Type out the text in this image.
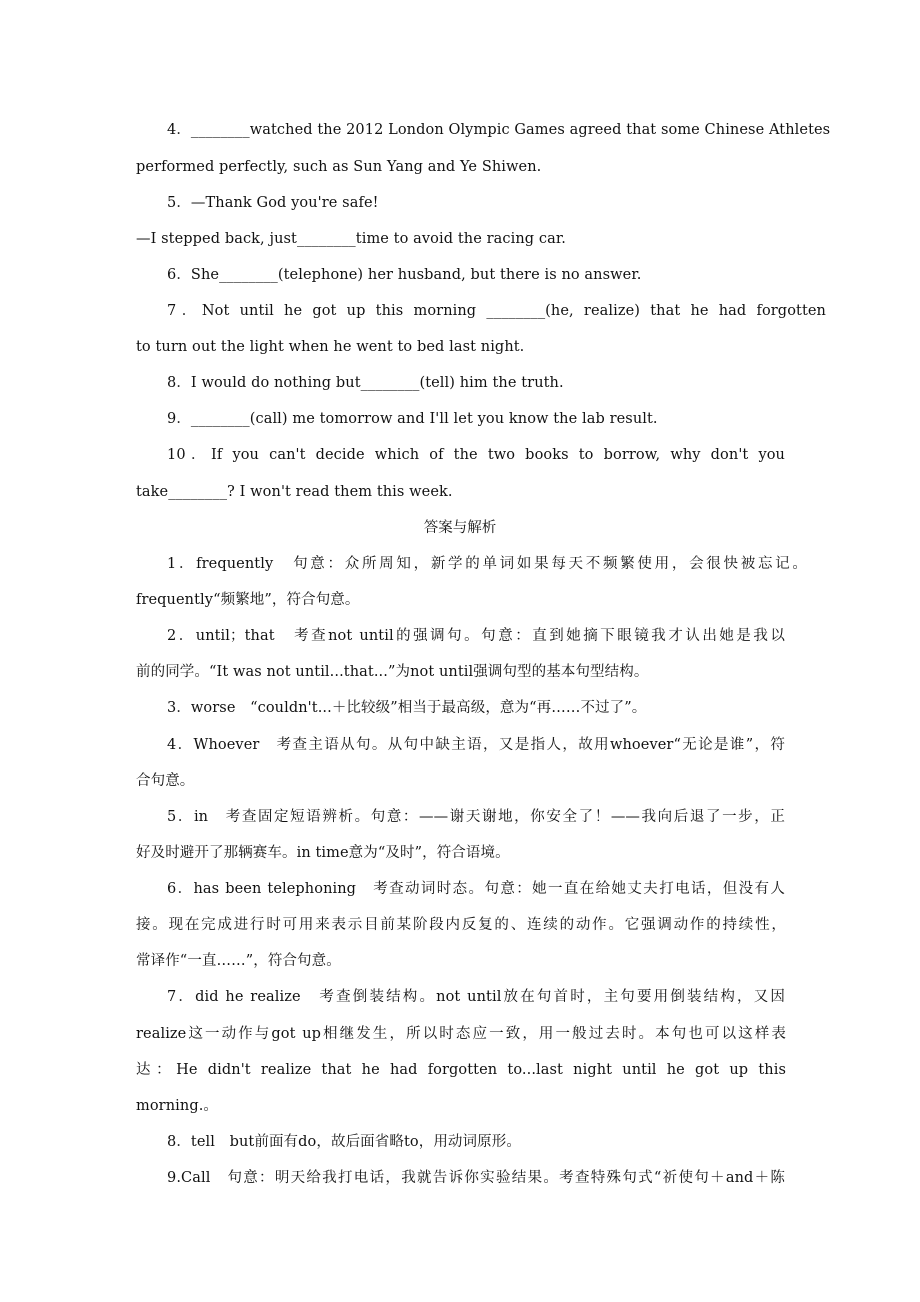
4．________watched the 2012 London Olympic Games agreed that some Chinese Athletes
performed perfectly, such as Sun Yang and Ye Shiwen.
5．—Thank God you're safe!
—I stepped back, just________time to avoid the racing car.
6．She________(telephone) her husband, but there is no answer.
7．Not until he got up this morning ________(he, realize) that he had forgotten
to turn out the light when he went to bed last night.
8．I would do nothing but________(tell) him the truth.
9．________(call) me tomorrow and I'll let you know the lab result.
10．If you can't decide which of the two books to borrow, why don't you
take________? I won't read them this week.
答案与解析
1．frequently　句意：众所周知，新学的单词如果每天不频繁使用，会很快被忘记。
frequently“频繁地”，符合句意。
2．until；that　考查not until的强调句。句意：直到她摘下眼镜我才认出她是我以
前的同学。“It was not until...that...”为not until强调句型的基本句型结构。
3．worse　“couldn't...＋比较级”相当于最高级，意为“再……不过了”。
4．Whoever　考查主语从句。从句中缺主语，又是指人，故用whoever“无论是谁”，符
合句意。
5．in　考查固定短语辨析。句意：——谢天谢地，你安全了！——我向后退了一步，正
好及时避开了那辆赛车。in time意为“及时”，符合语境。
6．has been telephoning　考查动词时态。句意：她一直在给她丈夫打电话，但没有人
接。现在完成进行时可用来表示目前某阶段内反复的、连续的动作。它强调动作的持续性，
常译作“一直……”，符合句意。
7．did he realize　考查倒装结构。not until放在句首时，主句要用倒装结构，又因
realize这一动作与got up相继发生，所以时态应一致，用一般过去时。本句也可以这样表
达：He didn't realize that he had forgotten to...last night until he got up this
morning.。
8．tell　but前面有do，故后面省略to，用动词原形。
9.Call　句意：明天给我打电话，我就告诉你实验结果。考查特殊句式“祈使句＋and＋陈
